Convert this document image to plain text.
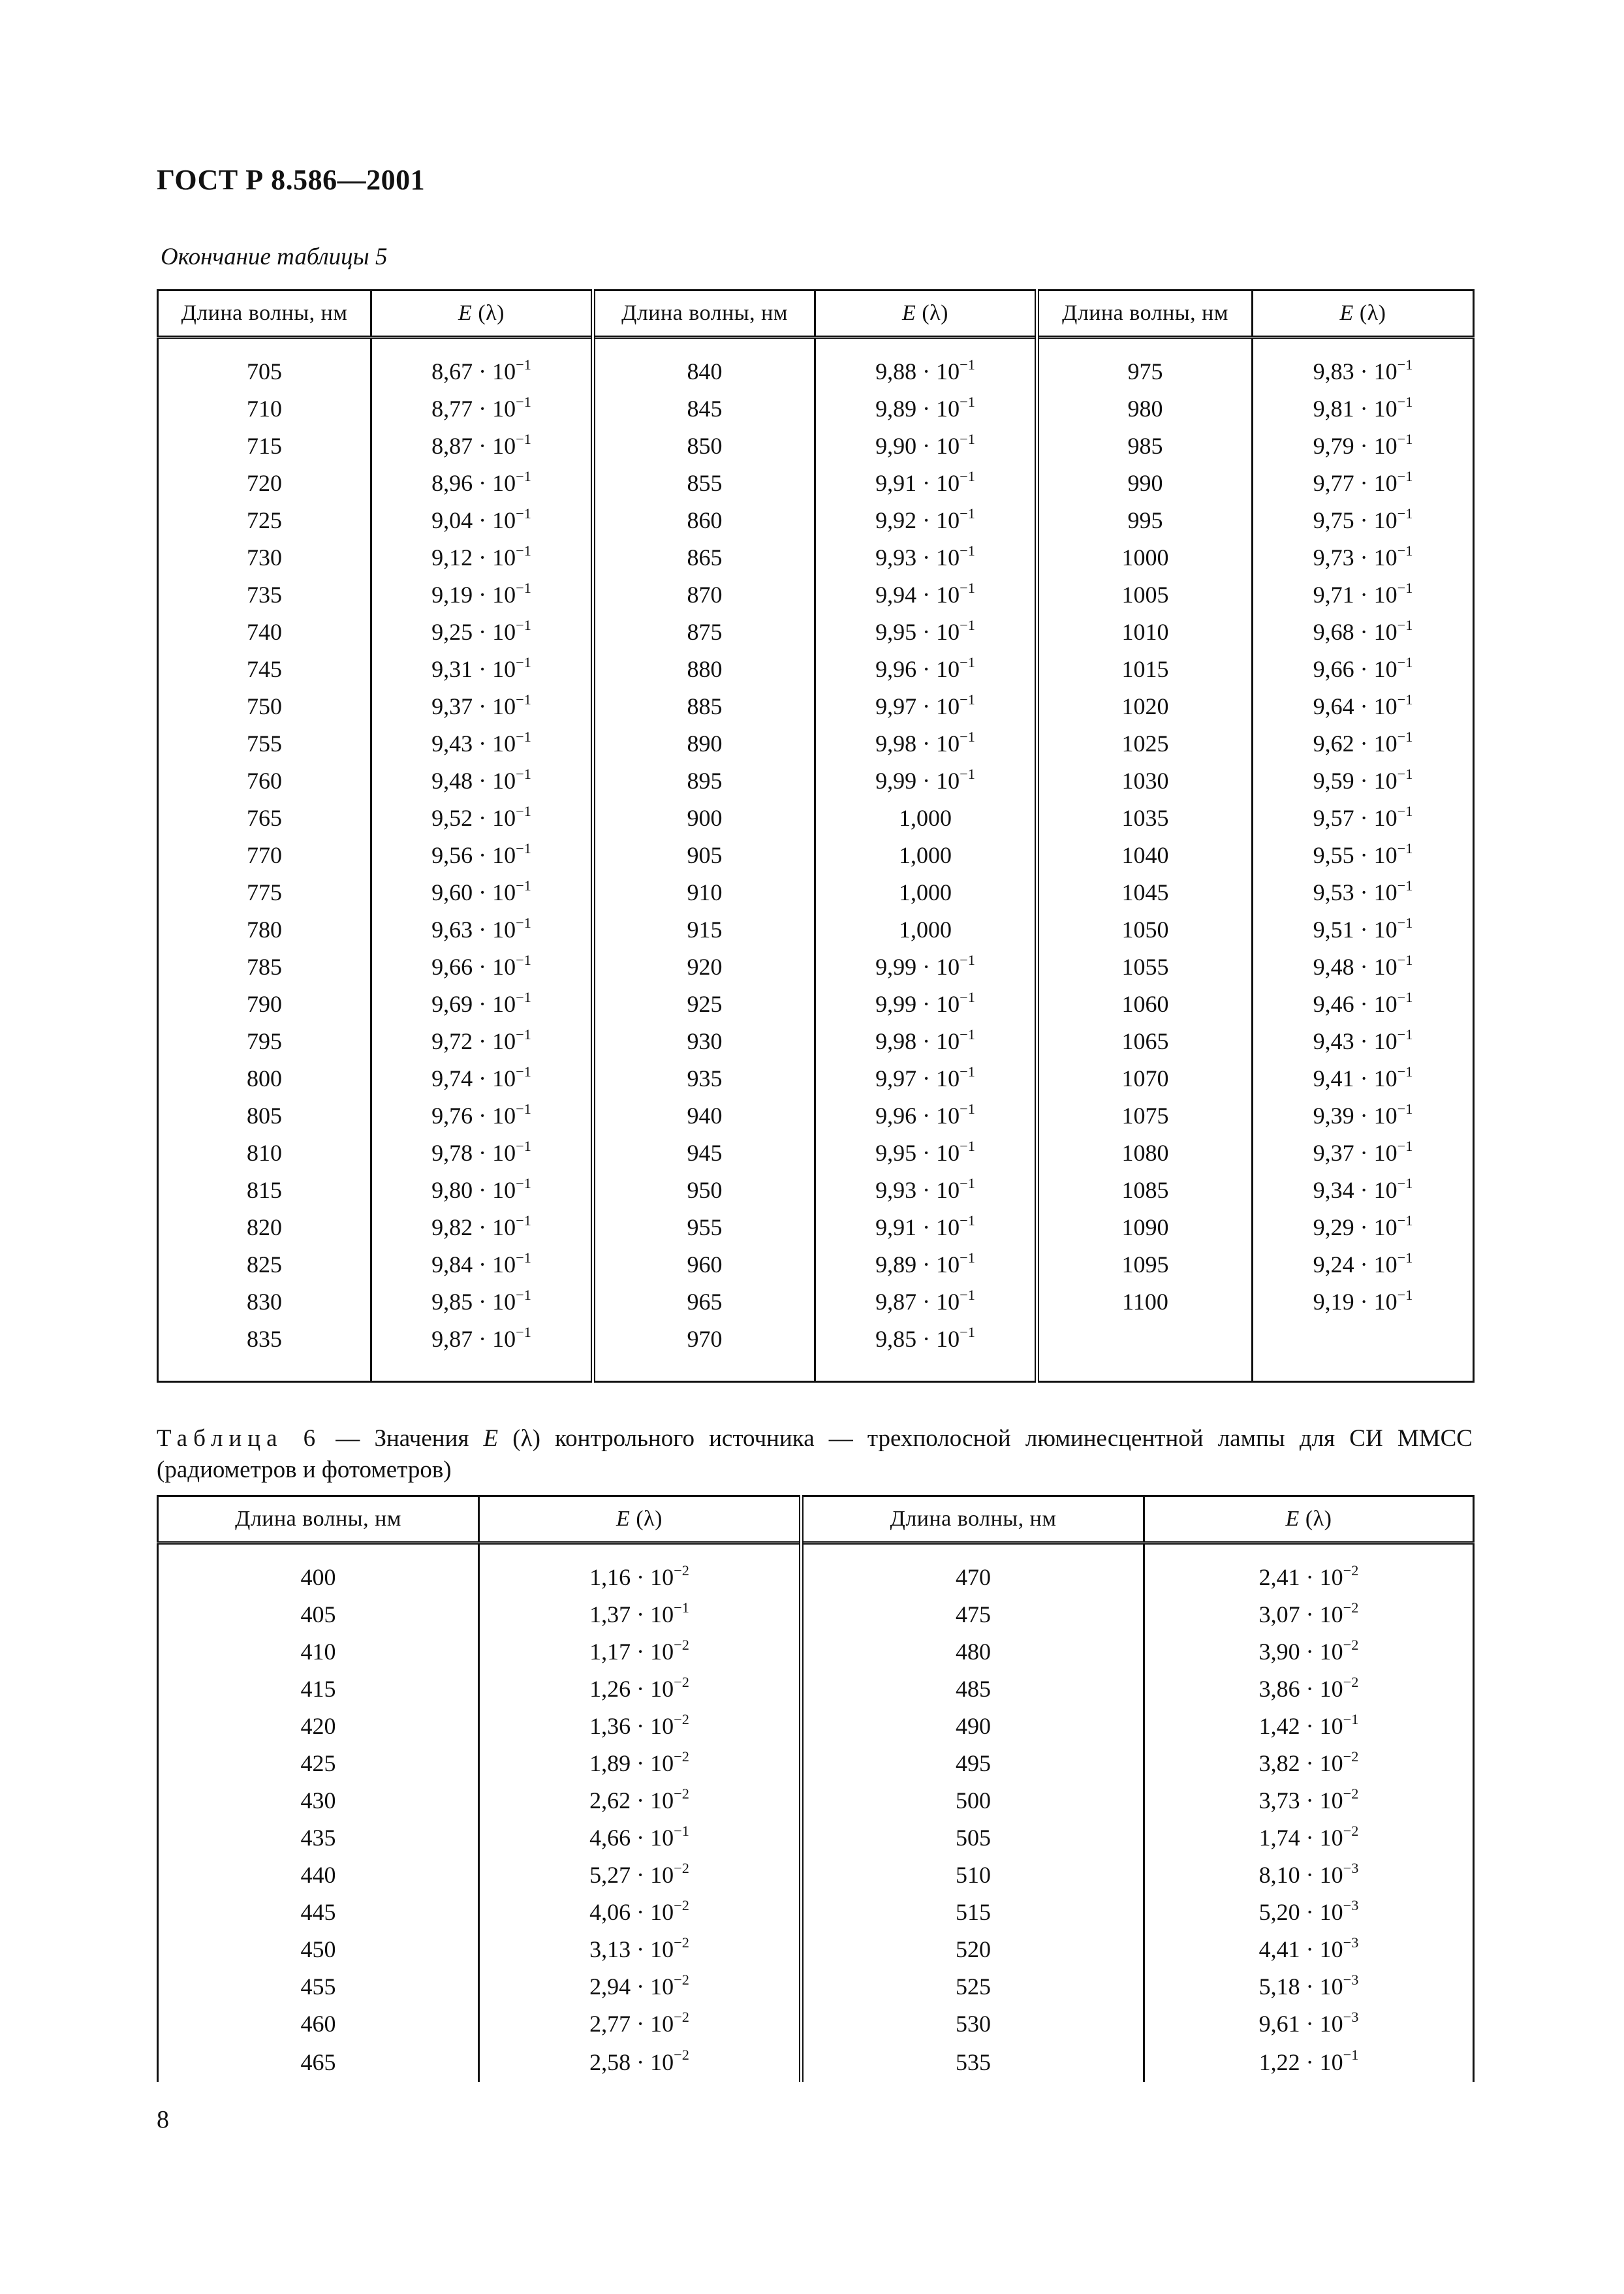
ГОСТ Р 8.586—2001
Окончание таблицы 5
Длина волны, нм	E (λ)	Длина волны, нм	E (λ)	Длина волны, нм	E (λ)
705	$8,67 \cdot 10^{-1}$	840	$9,88 \cdot 10^{-1}$	975	$9,83 \cdot 10^{-1}$
710	$8,77 \cdot 10^{-1}$	845	$9,89 \cdot 10^{-1}$	980	$9,81 \cdot 10^{-1}$
715	$8,87 \cdot 10^{-1}$	850	$9,90 \cdot 10^{-1}$	985	$9,79 \cdot 10^{-1}$
720	$8,96 \cdot 10^{-1}$	855	$9,91 \cdot 10^{-1}$	990	$9,77 \cdot 10^{-1}$
725	$9,04 \cdot 10^{-1}$	860	$9,92 \cdot 10^{-1}$	995	$9,75 \cdot 10^{-1}$
730	$9,12 \cdot 10^{-1}$	865	$9,93 \cdot 10^{-1}$	1000	$9,73 \cdot 10^{-1}$
735	$9,19 \cdot 10^{-1}$	870	$9,94 \cdot 10^{-1}$	1005	$9,71 \cdot 10^{-1}$
740	$9,25 \cdot 10^{-1}$	875	$9,95 \cdot 10^{-1}$	1010	$9,68 \cdot 10^{-1}$
745	$9,31 \cdot 10^{-1}$	880	$9,96 \cdot 10^{-1}$	1015	$9,66 \cdot 10^{-1}$
750	$9,37 \cdot 10^{-1}$	885	$9,97 \cdot 10^{-1}$	1020	$9,64 \cdot 10^{-1}$
755	$9,43 \cdot 10^{-1}$	890	$9,98 \cdot 10^{-1}$	1025	$9,62 \cdot 10^{-1}$
760	$9,48 \cdot 10^{-1}$	895	$9,99 \cdot 10^{-1}$	1030	$9,59 \cdot 10^{-1}$
765	$9,52 \cdot 10^{-1}$	900	1,000	1035	$9,57 \cdot 10^{-1}$
770	$9,56 \cdot 10^{-1}$	905	1,000	1040	$9,55 \cdot 10^{-1}$
775	$9,60 \cdot 10^{-1}$	910	1,000	1045	$9,53 \cdot 10^{-1}$
780	$9,63 \cdot 10^{-1}$	915	1,000	1050	$9,51 \cdot 10^{-1}$
785	$9,66 \cdot 10^{-1}$	920	$9,99 \cdot 10^{-1}$	1055	$9,48 \cdot 10^{-1}$
790	$9,69 \cdot 10^{-1}$	925	$9,99 \cdot 10^{-1}$	1060	$9,46 \cdot 10^{-1}$
795	$9,72 \cdot 10^{-1}$	930	$9,98 \cdot 10^{-1}$	1065	$9,43 \cdot 10^{-1}$
800	$9,74 \cdot 10^{-1}$	935	$9,97 \cdot 10^{-1}$	1070	$9,41 \cdot 10^{-1}$
805	$9,76 \cdot 10^{-1}$	940	$9,96 \cdot 10^{-1}$	1075	$9,39 \cdot 10^{-1}$
810	$9,78 \cdot 10^{-1}$	945	$9,95 \cdot 10^{-1}$	1080	$9,37 \cdot 10^{-1}$
815	$9,80 \cdot 10^{-1}$	950	$9,93 \cdot 10^{-1}$	1085	$9,34 \cdot 10^{-1}$
820	$9,82 \cdot 10^{-1}$	955	$9,91 \cdot 10^{-1}$	1090	$9,29 \cdot 10^{-1}$
825	$9,84 \cdot 10^{-1}$	960	$9,89 \cdot 10^{-1}$	1095	$9,24 \cdot 10^{-1}$
830	$9,85 \cdot 10^{-1}$	965	$9,87 \cdot 10^{-1}$	1100	$9,19 \cdot 10^{-1}$
835	$9,87 \cdot 10^{-1}$	970	$9,85 \cdot 10^{-1}$		

Таблица 6 — Значения E (λ) контрольного источника — трехполосной люминесцентной лампы для СИ ММСС (радиометров и фотометров)
Длина волны, нм	E (λ)	Длина волны, нм	E (λ)
400	$1,16 \cdot 10^{-2}$	470	$2,41 \cdot 10^{-2}$
405	$1,37 \cdot 10^{-1}$	475	$3,07 \cdot 10^{-2}$
410	$1,17 \cdot 10^{-2}$	480	$3,90 \cdot 10^{-2}$
415	$1,26 \cdot 10^{-2}$	485	$3,86 \cdot 10^{-2}$
420	$1,36 \cdot 10^{-2}$	490	$1,42 \cdot 10^{-1}$
425	$1,89 \cdot 10^{-2}$	495	$3,82 \cdot 10^{-2}$
430	$2,62 \cdot 10^{-2}$	500	$3,73 \cdot 10^{-2}$
435	$4,66 \cdot 10^{-1}$	505	$1,74 \cdot 10^{-2}$
440	$5,27 \cdot 10^{-2}$	510	$8,10 \cdot 10^{-3}$
445	$4,06 \cdot 10^{-2}$	515	$5,20 \cdot 10^{-3}$
450	$3,13 \cdot 10^{-2}$	520	$4,41 \cdot 10^{-3}$
455	$2,94 \cdot 10^{-2}$	525	$5,18 \cdot 10^{-3}$
460	$2,77 \cdot 10^{-2}$	530	$9,61 \cdot 10^{-3}$
465	$2,58 \cdot 10^{-2}$	535	$1,22 \cdot 10^{-1}$
8
